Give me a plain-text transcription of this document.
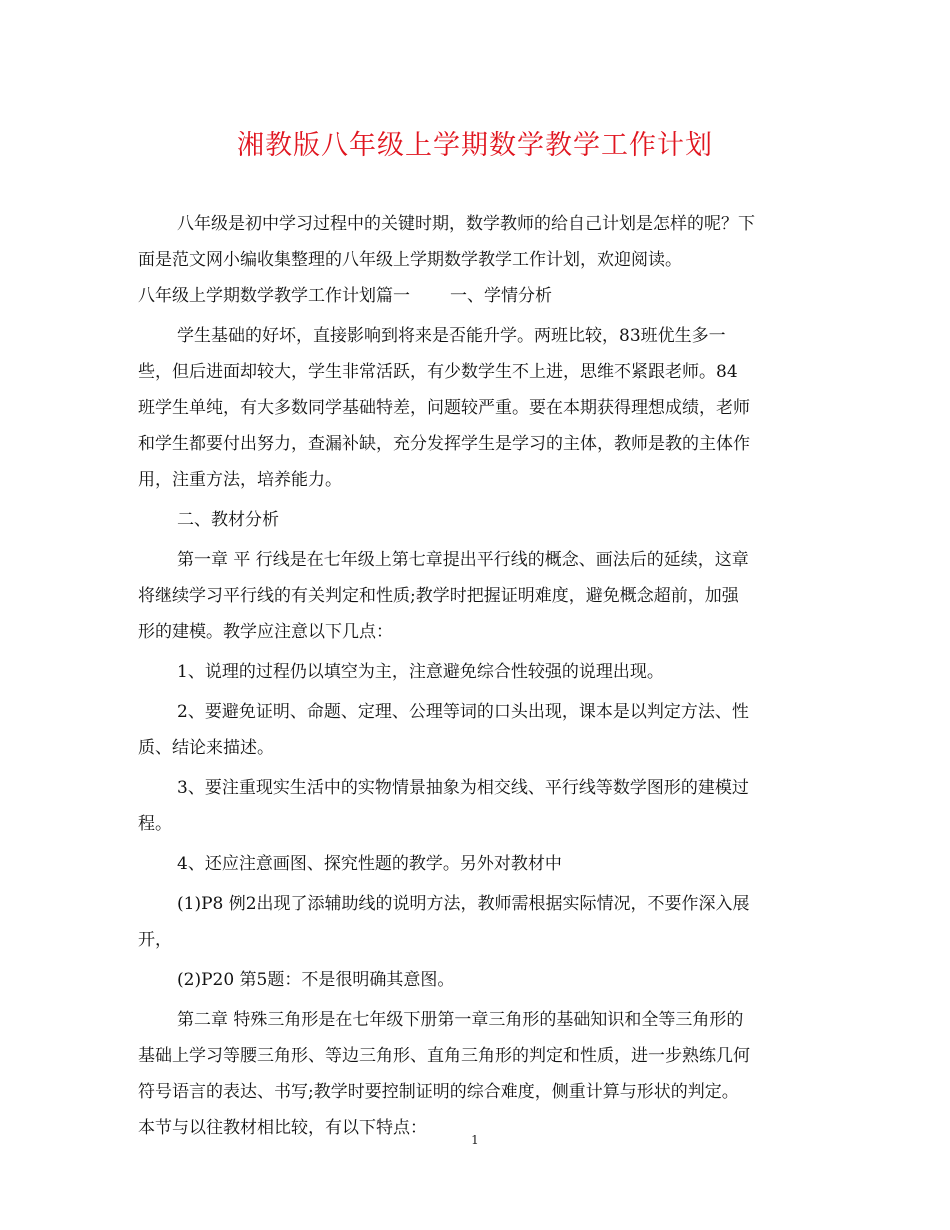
湘教版八年级上学期数学教学工作计划

八年级是初中学习过程中的关键时期，数学教师的给自己计划是怎样的呢？下

面是范文网小编收集整理的八年级上学期数学教学工作计划，欢迎阅读。

八年级上学期数学教学工作计划篇一 一、学情分析

学生基础的好坏，直接影响到将来是否能升学。两班比较，83班优生多一

些，但后进面却较大，学生非常活跃，有少数学生不上进，思维不紧跟老师。84
班学生单纯，有大多数同学基础特差，问题较严重。要在本期获得理想成绩，老师
和学生都要付出努力，查漏补缺，充分发挥学生是学习的主体，教师是教的主体作
用，注重方法，培养能力。

二、教材分析

第一章 平 行线是在七年级上第七章提出平行线的概念、画法后的延续，这章

将继续学习平行线的有关判定和性质;教学时把握证明难度，避免概念超前，加强
形的建模。教学应注意以下几点：

1、说理的过程仍以填空为主，注意避免综合性较强的说理出现。

2、要避免证明、命题、定理、公理等词的口头出现，课本是以判定方法、性

质、结论来描述。

3、要注重现实生活中的实物情景抽象为相交线、平行线等数学图形的建模过

程。

4、还应注意画图、探究性题的教学。另外对教材中

(1)P8 例2出现了添辅助线的说明方法，教师需根据实际情况，不要作深入展

开，

(2)P20 第5题：不是很明确其意图。

第二章 特殊三角形是在七年级下册第一章三角形的基础知识和全等三角形的

基础上学习等腰三角形、等边三角形、直角三角形的判定和性质，进一步熟练几何
符号语言的表达、书写;教学时要控制证明的综合难度，侧重计算与形状的判定。
本节与以往教材相比较，有以下特点：

1
